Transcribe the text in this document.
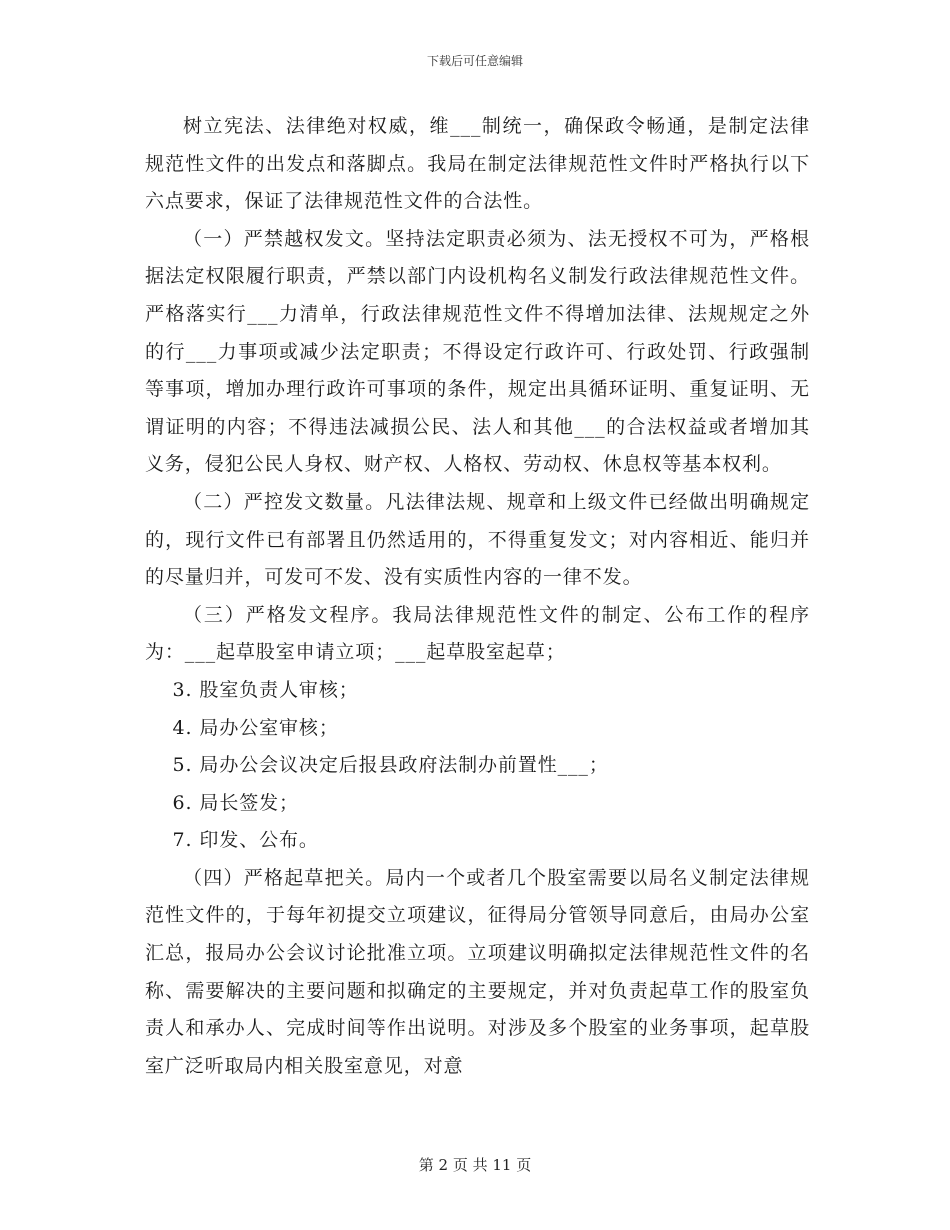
下载后可任意编辑

树立宪法、法律绝对权威，维___制统一，确保政令畅通，是制定法律规范性文件的出发点和落脚点。我局在制定法律规范性文件时严格执行以下六点要求，保证了法律规范性文件的合法性。

（一）严禁越权发文。坚持法定职责必须为、法无授权不可为，严格根据法定权限履行职责，严禁以部门内设机构名义制发行政法律规范性文件。严格落实行___力清单，行政法律规范性文件不得增加法律、法规规定之外的行___力事项或减少法定职责；不得设定行政许可、行政处罚、行政强制等事项，增加办理行政许可事项的条件，规定出具循环证明、重复证明、无谓证明的内容；不得违法减损公民、法人和其他___的合法权益或者增加其义务，侵犯公民人身权、财产权、人格权、劳动权、休息权等基本权利。

（二）严控发文数量。凡法律法规、规章和上级文件已经做出明确规定的，现行文件已有部署且仍然适用的，不得重复发文；对内容相近、能归并的尽量归并，可发可不发、没有实质性内容的一律不发。

（三）严格发文程序。我局法律规范性文件的制定、公布工作的程序为：___起草股室申请立项；___起草股室起草；

3. 股室负责人审核；

4. 局办公室审核；

5. 局办公会议决定后报县政府法制办前置性___；

6. 局长签发；

7. 印发、公布。

（四）严格起草把关。局内一个或者几个股室需要以局名义制定法律规范性文件的，于每年初提交立项建议，征得局分管领导同意后，由局办公室汇总，报局办公会议讨论批准立项。立项建议明确拟定法律规范性文件的名称、需要解决的主要问题和拟确定的主要规定，并对负责起草工作的股室负责人和承办人、完成时间等作出说明。对涉及多个股室的业务事项，起草股室广泛听取局内相关股室意见，对意

第 2 页 共 11 页
